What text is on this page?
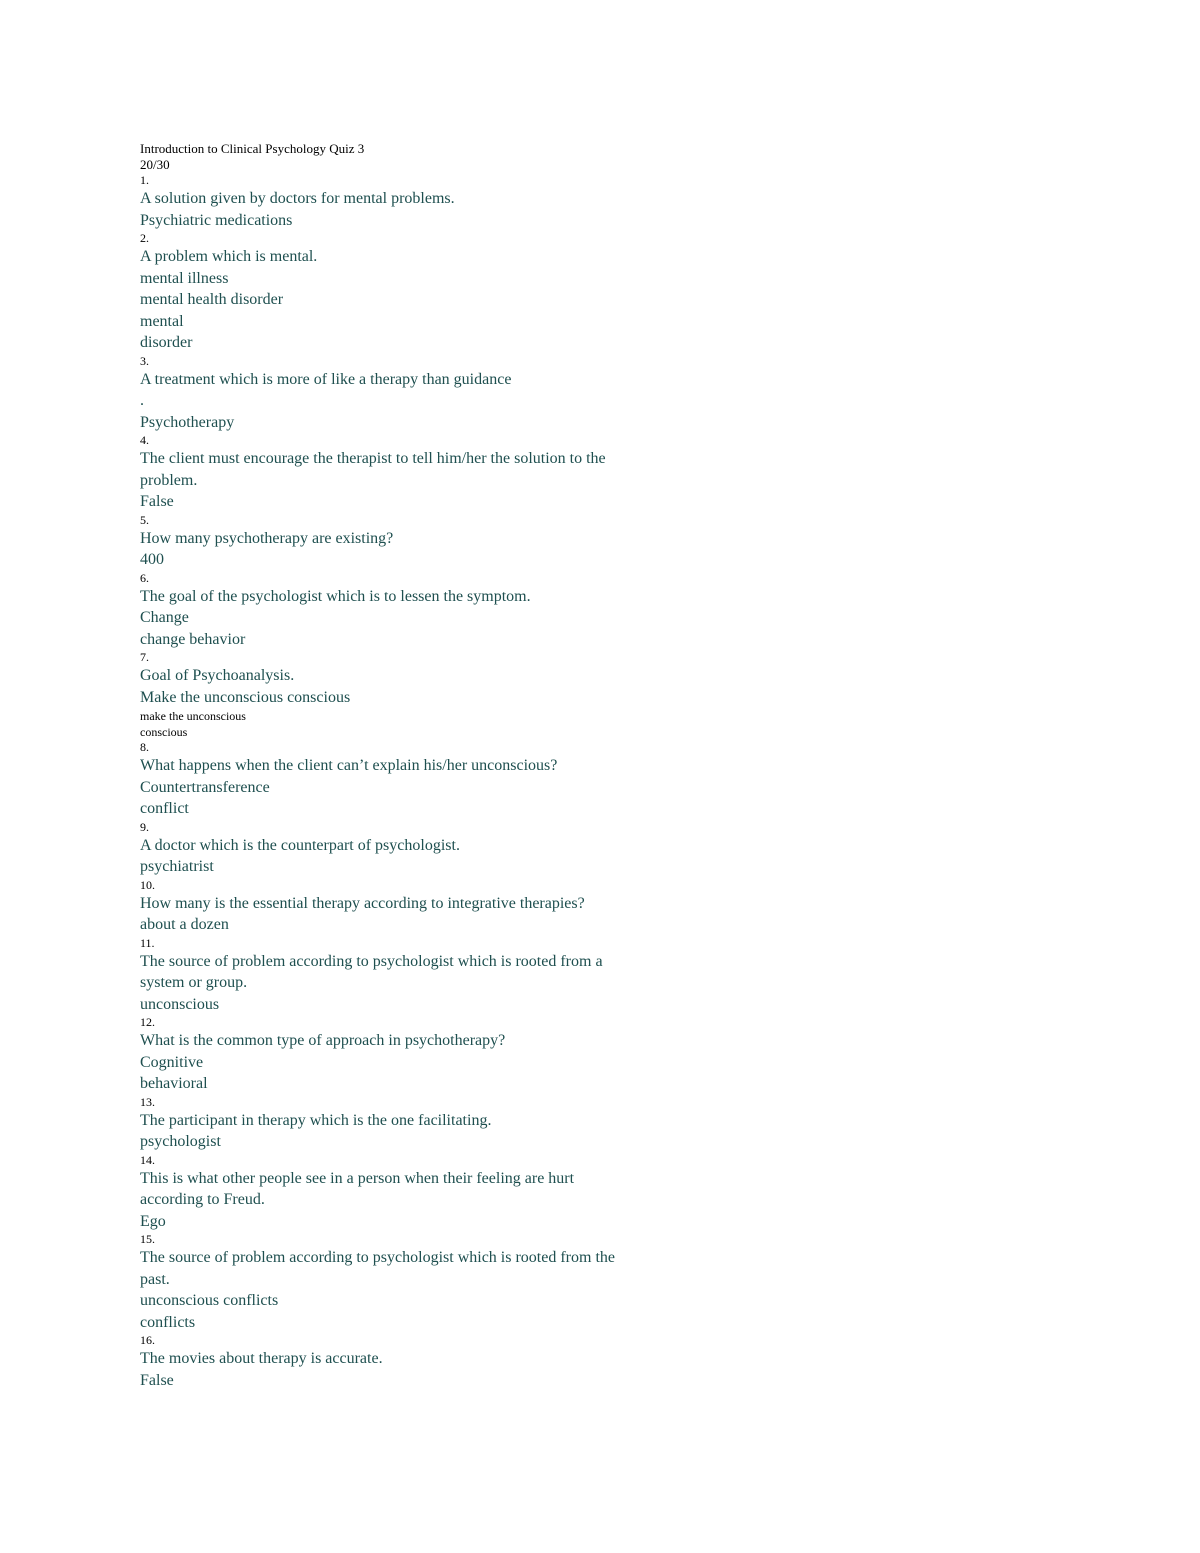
Introduction to Clinical Psychology Quiz 3
20/30
1.
A solution given by doctors for mental problems.
Psychiatric medications
2.
A problem which is mental.
mental illness
mental health disorder
mental
disorder
3.
A treatment which is more of like a therapy than guidance
.
Psychotherapy
4.
The client must encourage the therapist to tell him/her the solution to the
problem.
False
5.
How many psychotherapy are existing?
400
6.
The goal of the psychologist which is to lessen the symptom.
Change
change behavior
7.
Goal of Psychoanalysis.
Make the unconscious conscious
make the unconscious
conscious
8.
What happens when the client can’t explain his/her unconscious?
Countertransference
conflict
9.
A doctor which is the counterpart of psychologist.
psychiatrist
10.
How many is the essential therapy according to integrative therapies?
about a dozen
11.
The source of problem according to psychologist which is rooted from a
system or group.
unconscious
12.
What is the common type of approach in psychotherapy?
Cognitive
behavioral
13.
The participant in therapy which is the one facilitating.
psychologist
14.
This is what other people see in a person when their feeling are hurt
according to Freud.
Ego
15.
The source of problem according to psychologist which is rooted from the
past.
unconscious conflicts
conflicts
16.
The movies about therapy is accurate.
False
